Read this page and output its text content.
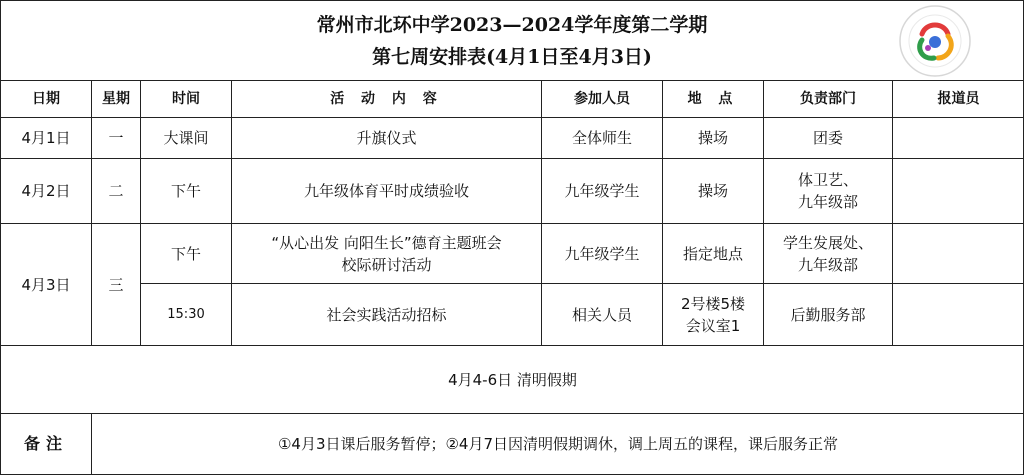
常州市北环中学2023—2024学年度第二学期
第七周安排表(4月1日至4月3日)
日期	星期	时间	活 动 内 容	参加人员	地 点	负责部门	报道员
4月1日	一	大课间	升旗仪式	全体师生	操场	团委	
4月2日	二	下午	九年级体育平时成绩验收	九年级学生	操场	体卫艺、
九年级部	
4月3日	三	下午	“从心出发 向阳生长”德育主题班会
校际研讨活动	九年级学生	指定地点	学生发展处、
九年级部	
		15:30	社会实践活动招标	相关人员	2号楼5楼
会议室1	后勤服务部	
4月4-6日 清明假期							
备注	①4月3日课后服务暂停；②4月7日因清明假期调休，调上周五的课程，课后服务正常						
